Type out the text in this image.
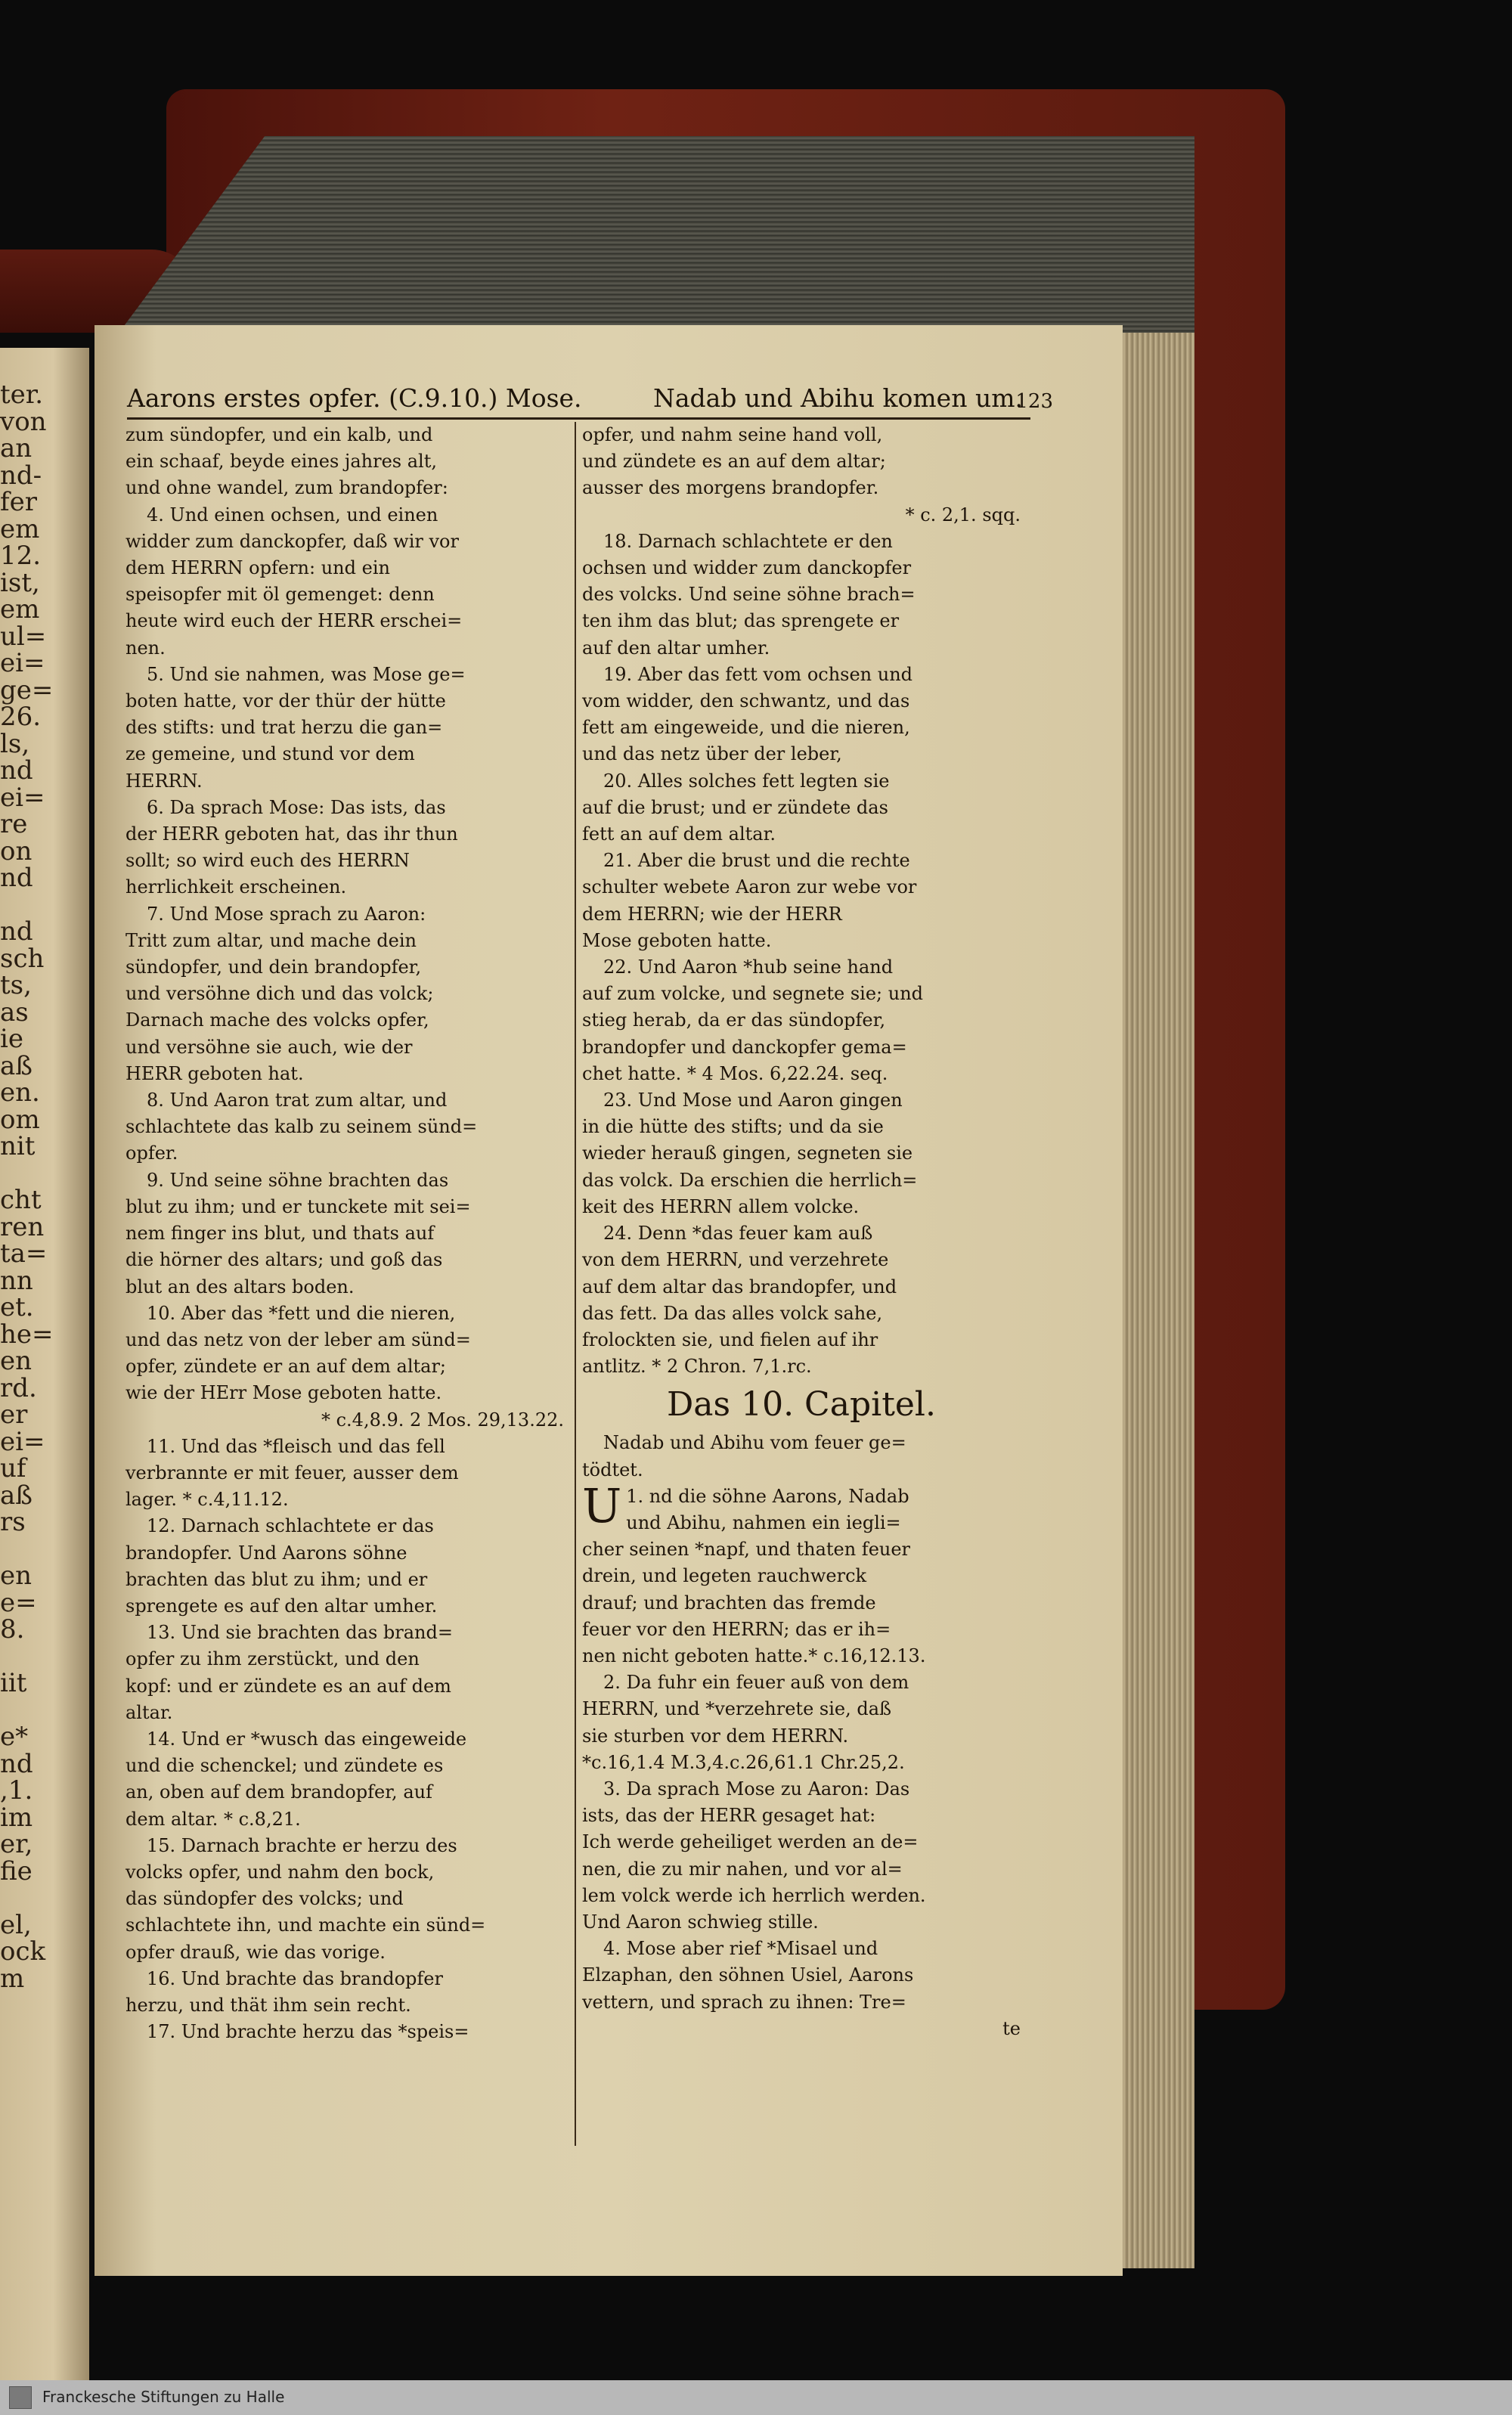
ter.
von
an
nd-
fer
em
12.
ist,
em
ul=
ei=
ge=
26.
ls,
nd
ei=
re
on
nd

nd
sch
ts,
as
ie
aß
en.
om
nit

cht
ren
ta=
nn
et.
he=
en
rd.
er
ei=
uf
aß
rs

en
e=
8.

iit

e*
nd
,1.
im
er,
fie

el,
ock
m
Aarons erstes opfer. (C.9.10.) Mose.	Nadab und Abihu komen um.
123

zum sündopfer, und ein kalb, und

ein schaaf, beyde eines jahres alt,

und ohne wandel, zum brandopfer:

4. Und einen ochsen, und einen

widder zum danckopfer, daß wir vor

dem HERRN opfern: und ein

speisopfer mit öl gemenget: denn

heute wird euch der HERR erschei=

nen.

5. Und sie nahmen, was Mose ge=

boten hatte, vor der thür der hütte

des stifts: und trat herzu die gan=

ze gemeine, und stund vor dem

HERRN.

6. Da sprach Mose: Das ists, das

der HERR geboten hat, das ihr thun

sollt; so wird euch des HERRN

herrlichkeit erscheinen.

7. Und Mose sprach zu Aaron:

Tritt zum altar, und mache dein

sündopfer, und dein brandopfer,

und versöhne dich und das volck;

Darnach mache des volcks opfer,

und versöhne sie auch, wie der

HERR geboten hat.

8. Und Aaron trat zum altar, und

schlachtete das kalb zu seinem sünd=

opfer.

9. Und seine söhne brachten das

blut zu ihm; und er tunckete mit sei=

nem finger ins blut, und thats auf

die hörner des altars; und goß das

blut an des altars boden.

10. Aber das *fett und die nieren,

und das netz von der leber am sünd=

opfer, zündete er an auf dem altar;

wie der HErr Mose geboten hatte.

* c.4,8.9. 2 Mos. 29,13.22.

11. Und das *fleisch und das fell

verbrannte er mit feuer, ausser dem

lager. * c.4,11.12.

12. Darnach schlachtete er das

brandopfer. Und Aarons söhne

brachten das blut zu ihm; und er

sprengete es auf den altar umher.

13. Und sie brachten das brand=

opfer zu ihm zerstückt, und den

kopf: und er zündete es an auf dem

altar.

14. Und er *wusch das eingeweide

und die schenckel; und zündete es

an, oben auf dem brandopfer, auf

dem altar. * c.8,21.

15. Darnach brachte er herzu des

volcks opfer, und nahm den bock,

das sündopfer des volcks; und

schlachtete ihn, und machte ein sünd=

opfer drauß, wie das vorige.

16. Und brachte das brandopfer

herzu, und thät ihm sein recht.

17. Und brachte herzu das *speis=

opfer, und nahm seine hand voll,

und zündete es an auf dem altar;

ausser des morgens brandopfer.

* c. 2,1. sqq.

18. Darnach schlachtete er den

ochsen und widder zum danckopfer

des volcks. Und seine söhne brach=

ten ihm das blut; das sprengete er

auf den altar umher.

19. Aber das fett vom ochsen und

vom widder, den schwantz, und das

fett am eingeweide, und die nieren,

und das netz über der leber,

20. Alles solches fett legten sie

auf die brust; und er zündete das

fett an auf dem altar.

21. Aber die brust und die rechte

schulter webete Aaron zur webe vor

dem HERRN; wie der HERR

Mose geboten hatte.

22. Und Aaron *hub seine hand

auf zum volcke, und segnete sie; und

stieg herab, da er das sündopfer,

brandopfer und danckopfer gema=

chet hatte. * 4 Mos. 6,22.24. seq.

23. Und Mose und Aaron gingen

in die hütte des stifts; und da sie

wieder herauß gingen, segneten sie

das volck. Da erschien die herrlich=

keit des HERRN allem volcke.

24. Denn *das feuer kam auß

von dem HERRN, und verzehrete

auf dem altar das brandopfer, und

das fett. Da das alles volck sahe,

frolockten sie, und fielen auf ihr

antlitz. * 2 Chron. 7,1.rc.

Das 10. Capitel.

Nadab und Abihu vom feuer ge=

tödtet.

U 1. nd die söhne Aarons, Nadab

und Abihu, nahmen ein iegli=

cher seinen *napf, und thaten feuer

drein, und legeten rauchwerck

drauf; und brachten das fremde

feuer vor den HERRN; das er ih=

nen nicht geboten hatte.* c.16,12.13.

2. Da fuhr ein feuer auß von dem

HERRN, und *verzehrete sie, daß

sie sturben vor dem HERRN.

*c.16,1.4 M.3,4.c.26,61.1 Chr.25,2.

3. Da sprach Mose zu Aaron: Das

ists, das der HERR gesaget hat:

Ich werde geheiliget werden an de=

nen, die zu mir nahen, und vor al=

lem volck werde ich herrlich werden.

Und Aaron schwieg stille.

4. Mose aber rief *Misael und

Elzaphan, den söhnen Usiel, Aarons

vettern, und sprach zu ihnen: Tre=

te

Franckesche Stiftungen zu Halle
